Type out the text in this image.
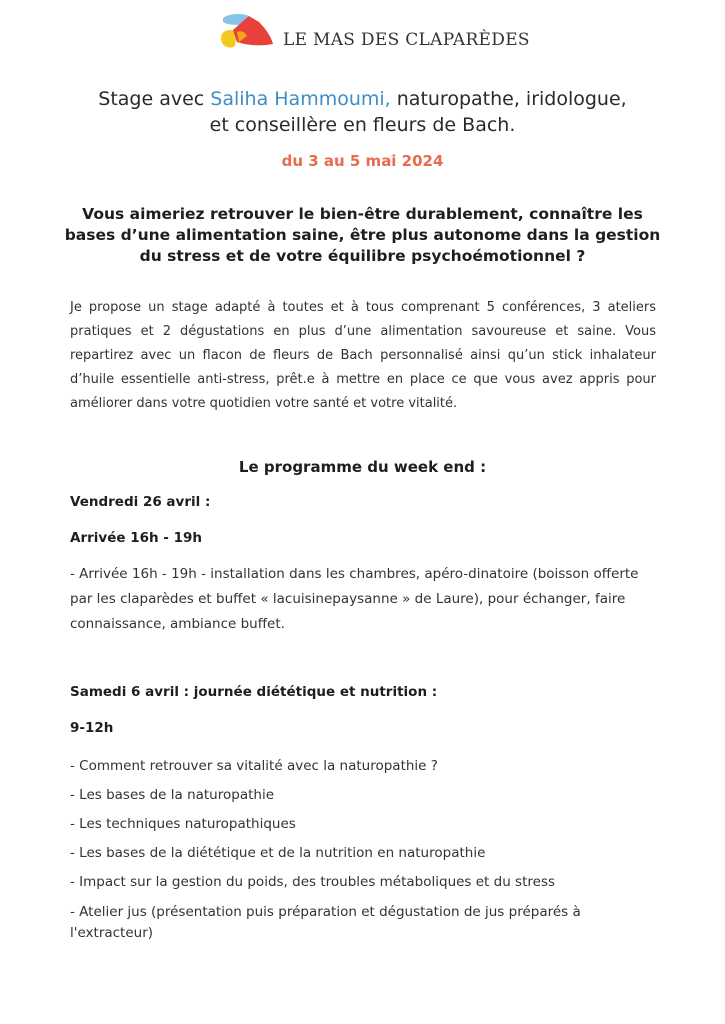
LE MAS DES CLAPARÈDES
Stage avec Saliha Hammoumi, naturopathe, iridologue,
et conseillère en fleurs de Bach.
du 3 au 5 mai 2024
Vous aimeriez retrouver le bien-être durablement, connaître les bases d’une alimentation saine, être plus autonome dans la gestion du stress et de votre équilibre psychoémotionnel ?
Je propose un stage adapté à toutes et à tous comprenant 5 conférences, 3 ateliers pratiques et 2 dégustations en plus d’une alimentation savoureuse et saine. Vous repartirez avec un flacon de fleurs de Bach personnalisé ainsi qu’un stick inhalateur d’huile essentielle anti-stress, prêt.e à mettre en place ce que vous avez appris pour améliorer dans votre quotidien votre santé et votre vitalité.
Le programme du week end :
Vendredi 26 avril :
Arrivée 16h - 19h
- Arrivée 16h - 19h - installation dans les chambres, apéro-dinatoire (boisson offerte par les claparèdes et buffet « lacuisinepaysanne » de Laure), pour échanger, faire connaissance, ambiance buffet.
Samedi 6 avril : journée diététique et nutrition :
9-12h
- Comment retrouver sa vitalité avec la naturopathie ?
- Les bases de la naturopathie
- Les techniques naturopathiques
- Les bases de la diététique et de la nutrition en naturopathie
- Impact sur la gestion du poids, des troubles métaboliques et du stress
- Atelier jus (présentation puis préparation et dégustation de jus préparés à l'extracteur)
